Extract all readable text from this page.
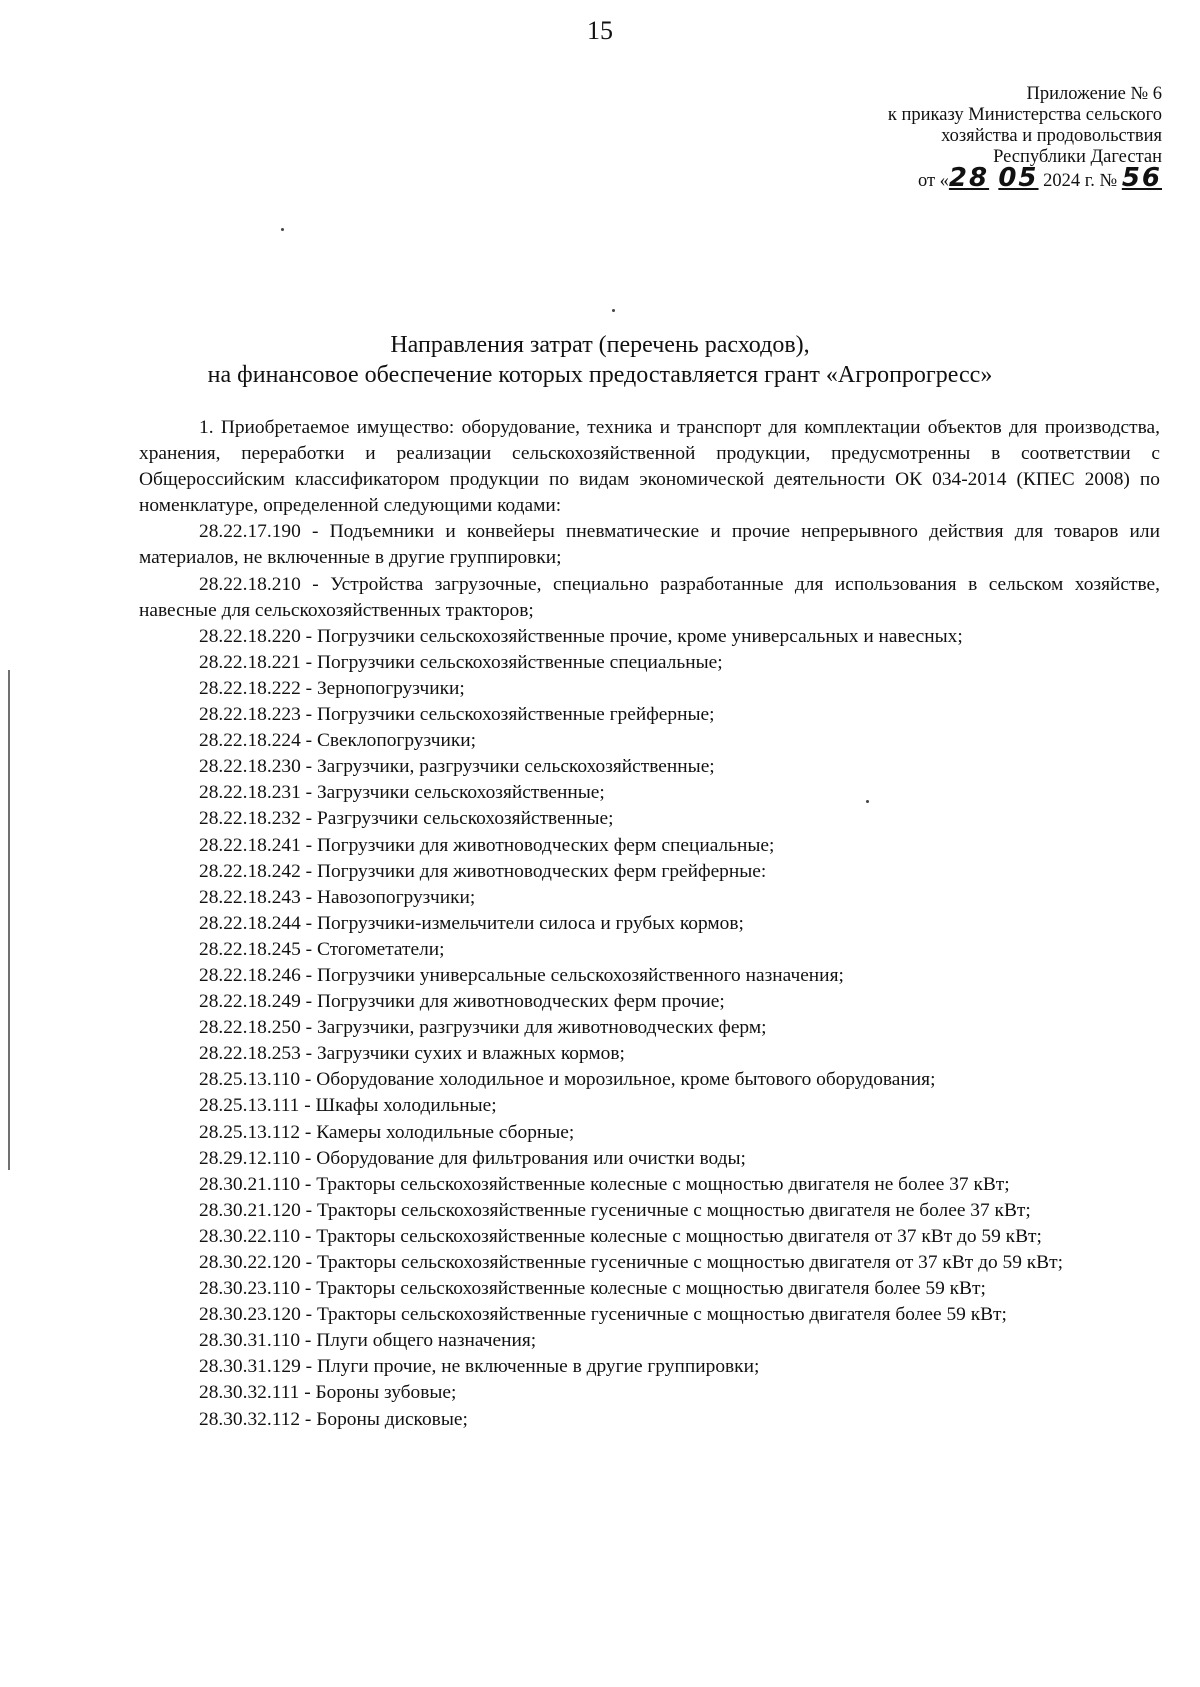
15
Приложение № 6
к приказу Министерства сельского
хозяйства и продовольствия
Республики Дагестан
от «28 05 2024 г. № 56
Направления затрат (перечень расходов),
на финансовое обеспечение которых предоставляется грант «Агропрогресс»

1. Приобретаемое имущество: оборудование, техника и транспорт для комплектации объектов для производства, хранения, переработки и реализации сельскохозяйственной продукции, предусмотренны в соответствии с Общероссийским классификатором продукции по видам экономической деятельности ОК 034-2014 (КПЕС 2008) по номенклатуре, определенной следующими кодами:

28.22.17.190 - Подъемники и конвейеры пневматические и прочие непрерывного действия для товаров или материалов, не включенные в другие группировки;

28.22.18.210 - Устройства загрузочные, специально разработанные для использования в сельском хозяйстве, навесные для сельскохозяйственных тракторов;

28.22.18.220 - Погрузчики сельскохозяйственные прочие, кроме универсальных и навесных;

28.22.18.221 - Погрузчики сельскохозяйственные специальные;

28.22.18.222 - Зернопогрузчики;

28.22.18.223 - Погрузчики сельскохозяйственные грейферные;

28.22.18.224 - Свеклопогрузчики;

28.22.18.230 - Загрузчики, разгрузчики сельскохозяйственные;

28.22.18.231 - Загрузчики сельскохозяйственные;

28.22.18.232 - Разгрузчики сельскохозяйственные;

28.22.18.241 - Погрузчики для животноводческих ферм специальные;

28.22.18.242 - Погрузчики для животноводческих ферм грейферные:

28.22.18.243 - Навозопогрузчики;

28.22.18.244 - Погрузчики-измельчители силоса и грубых кормов;

28.22.18.245 - Стогометатели;

28.22.18.246 - Погрузчики универсальные сельскохозяйственного назначения;

28.22.18.249 - Погрузчики для животноводческих ферм прочие;

28.22.18.250 - Загрузчики, разгрузчики для животноводческих ферм;

28.22.18.253 - Загрузчики сухих и влажных кормов;

28.25.13.110 - Оборудование холодильное и морозильное, кроме бытового оборудования;

28.25.13.111 - Шкафы холодильные;

28.25.13.112 - Камеры холодильные сборные;

28.29.12.110 - Оборудование для фильтрования или очистки воды;

28.30.21.110 - Тракторы сельскохозяйственные колесные с мощностью двигателя не более 37 кВт;

28.30.21.120 - Тракторы сельскохозяйственные гусеничные с мощностью двигателя не более 37 кВт;

28.30.22.110 - Тракторы сельскохозяйственные колесные с мощностью двигателя от 37 кВт до 59 кВт;

28.30.22.120 - Тракторы сельскохозяйственные гусеничные с мощностью двигателя от 37 кВт до 59 кВт;

28.30.23.110 - Тракторы сельскохозяйственные колесные с мощностью двигателя более 59 кВт;

28.30.23.120 - Тракторы сельскохозяйственные гусеничные с мощностью двигателя более 59 кВт;

28.30.31.110 - Плуги общего назначения;

28.30.31.129 - Плуги прочие, не включенные в другие группировки;

28.30.32.111 - Бороны зубовые;

28.30.32.112 - Бороны дисковые;
